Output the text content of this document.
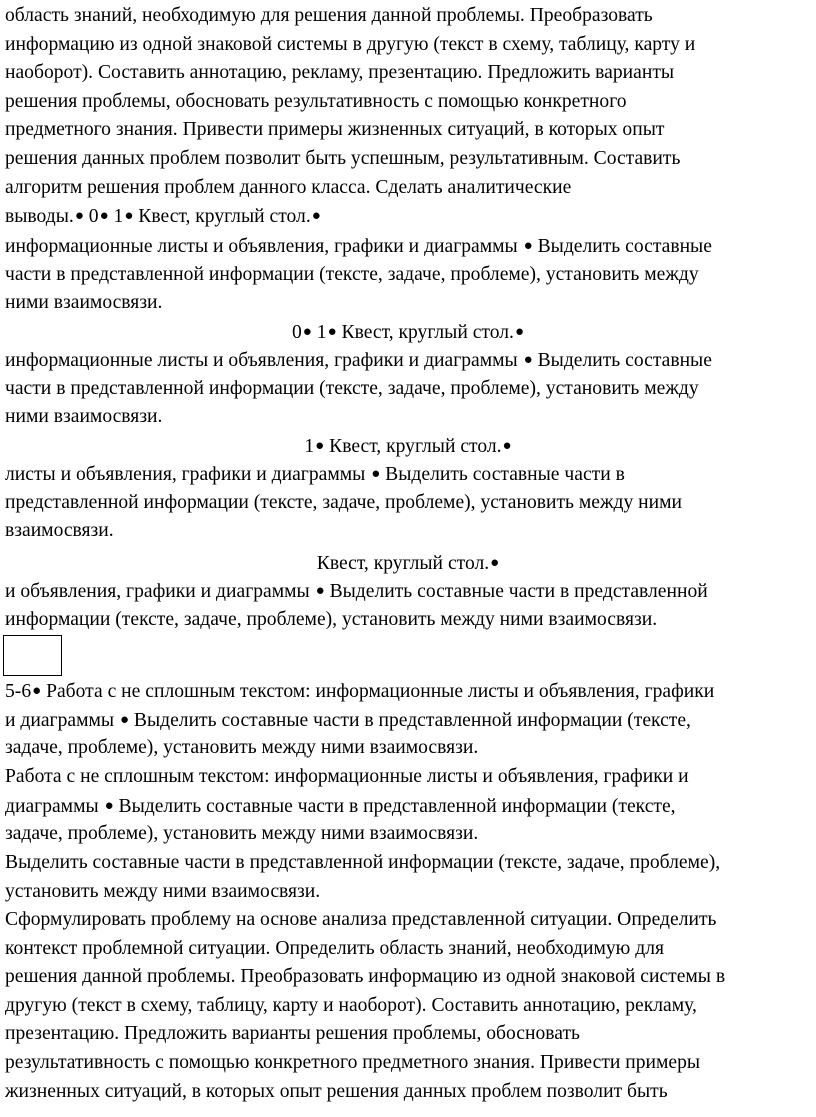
область знаний, необходимую для решения данной проблемы. Преобразовать
информацию из одной знаковой системы в другую (текст в схему, таблицу, карту и
наоборот). Составить аннотацию, рекламу, презентацию. Предложить варианты
решения проблемы, обосновать результативность с помощью конкретного
предметного знания. Привести примеры жизненных ситуаций, в которых опыт
решения данных проблем позволит быть успешным, результативным. Составить
алгоритм решения проблем данного класса. Сделать аналитические
выводы.● 0● 1● Квест, круглый стол.●
информационные листы и объявления, графики и диаграммы ● Выделить составные
части в представленной информации (тексте, задаче, проблеме), установить между
ними взаимосвязи.
0● 1● Квест, круглый стол.●
информационные листы и объявления, графики и диаграммы ● Выделить составные
части в представленной информации (тексте, задаче, проблеме), установить между
ними взаимосвязи.
1● Квест, круглый стол.●
листы и объявления, графики и диаграммы ● Выделить составные части в
представленной информации (тексте, задаче, проблеме), установить между ними
взаимосвязи.
Квест, круглый стол.●
и объявления, графики и диаграммы ● Выделить составные части в представленной
информации (тексте, задаче, проблеме), установить между ними взаимосвязи.
5-6● Работа с не сплошным текстом: информационные листы и объявления, графики
и диаграммы ● Выделить составные части в представленной информации (тексте,
задаче, проблеме), установить между ними взаимосвязи.
Работа с не сплошным текстом: информационные листы и объявления, графики и
диаграммы ● Выделить составные части в представленной информации (тексте,
задаче, проблеме), установить между ними взаимосвязи.
Выделить составные части в представленной информации (тексте, задаче, проблеме),
установить между ними взаимосвязи.
Сформулировать проблему на основе анализа представленной ситуации. Определить
контекст проблемной ситуации. Определить область знаний, необходимую для
решения данной проблемы. Преобразовать информацию из одной знаковой системы в
другую (текст в схему, таблицу, карту и наоборот). Составить аннотацию, рекламу,
презентацию. Предложить варианты решения проблемы, обосновать
результативность с помощью конкретного предметного знания. Привести примеры
жизненных ситуаций, в которых опыт решения данных проблем позволит быть
